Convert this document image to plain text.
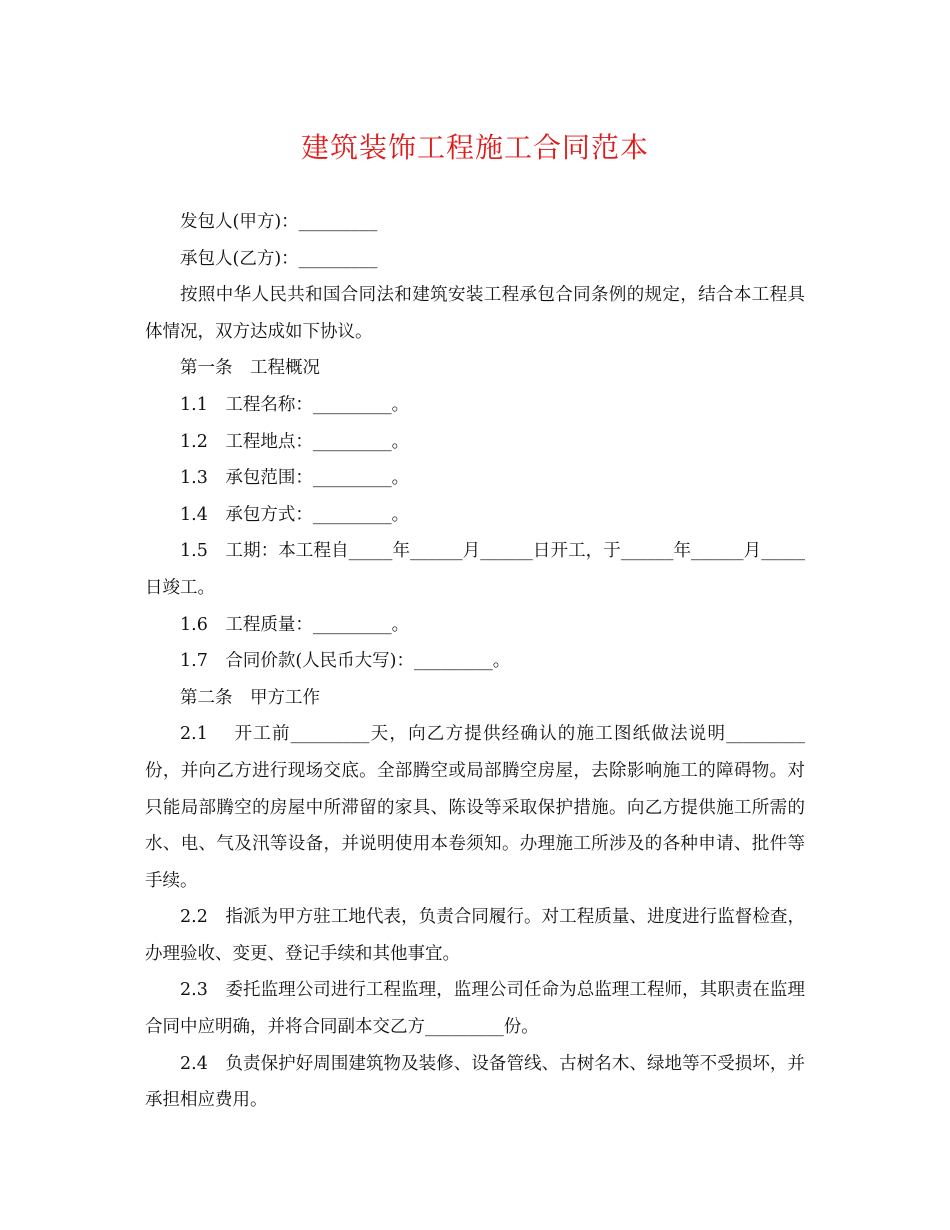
建筑装饰工程施工合同范本

发包人(甲方)：_________

承包人(乙方)：_________

按照中华人民共和国合同法和建筑安装工程承包合同条例的规定，结合本工程具体情况，双方达成如下协议。

第一条　工程概况

1.1　工程名称：_________。

1.2　工程地点：_________。

1.3　承包范围：_________。

1.4　承包方式：_________。

1.5　工期：本工程自_____年______月______日开工，于______年______月_____日竣工。

1.6　工程质量：_________。

1.7　合同价款(人民币大写)：_________。

第二条　甲方工作

2.1　 开工前_________天，向乙方提供经确认的施工图纸做法说明_________份，并向乙方进行现场交底。全部腾空或局部腾空房屋，去除影响施工的障碍物。对只能局部腾空的房屋中所滞留的家具、陈设等采取保护措施。向乙方提供施工所需的水、电、气及汛等设备，并说明使用本卷须知。办理施工所涉及的各种申请、批件等手续。

2.2　指派为甲方驻工地代表，负责合同履行。对工程质量、进度进行监督检查，办理验收、变更、登记手续和其他事宜。

2.3　委托监理公司进行工程监理，监理公司任命为总监理工程师，其职责在监理合同中应明确，并将合同副本交乙方_________份。

2.4　负责保护好周围建筑物及装修、设备管线、古树名木、绿地等不受损坏，并承担相应费用。
